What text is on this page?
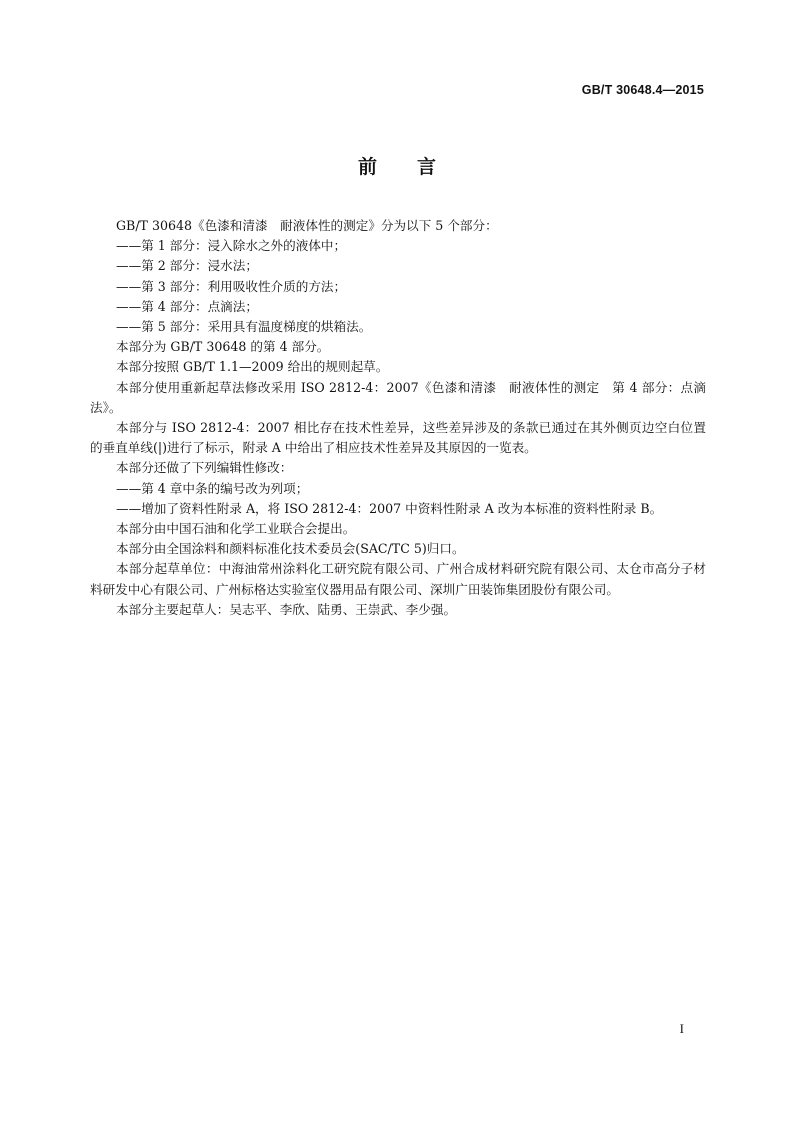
GB/T 30648.4—2015
前言

GB/T 30648《色漆和清漆　耐液体性的测定》分为以下 5 个部分：

——第 1 部分：浸入除水之外的液体中；

——第 2 部分：浸水法；

——第 3 部分：利用吸收性介质的方法；

——第 4 部分：点滴法；

——第 5 部分：采用具有温度梯度的烘箱法。

本部分为 GB/T 30648 的第 4 部分。

本部分按照 GB/T 1.1—2009 给出的规则起草。

本部分使用重新起草法修改采用 ISO 2812-4：2007《色漆和清漆　耐液体性的测定　第 4 部分：点滴法》。

本部分与 ISO 2812-4：2007 相比存在技术性差异，这些差异涉及的条款已通过在其外侧页边空白位置的垂直单线(|)进行了标示，附录 A 中给出了相应技术性差异及其原因的一览表。

本部分还做了下列编辑性修改：

——第 4 章中条的编号改为列项；

——增加了资料性附录 A，将 ISO 2812-4：2007 中资料性附录 A 改为本标准的资料性附录 B。

本部分由中国石油和化学工业联合会提出。

本部分由全国涂料和颜料标准化技术委员会(SAC/TC 5)归口。

本部分起草单位：中海油常州涂料化工研究院有限公司、广州合成材料研究院有限公司、太仓市高分子材料研发中心有限公司、广州标格达实验室仪器用品有限公司、深圳广田装饰集团股份有限公司。

本部分主要起草人：吴志平、李欣、陆勇、王崇武、李少强。

I
